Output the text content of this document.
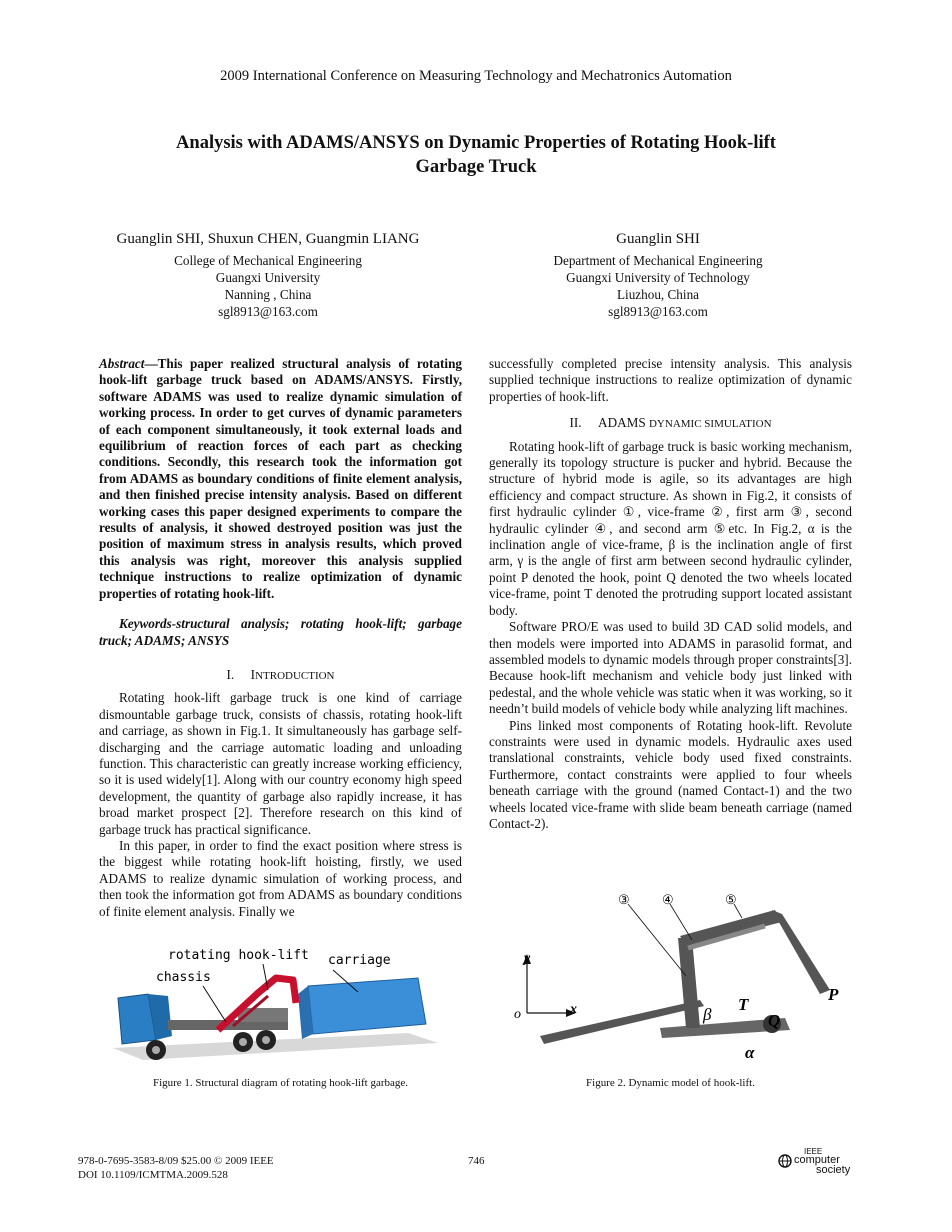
2009 International Conference on Measuring Technology and Mechatronics Automation
Analysis with ADAMS/ANSYS on Dynamic Properties of Rotating Hook-lift
Garbage Truck
Guanglin SHI, Shuxun CHEN, Guangmin LIANG
College of Mechanical Engineering
Guangxi University
Nanning , China
sgl8913@163.com
Guanglin SHI
Department of Mechanical Engineering
Guangxi University of Technology
Liuzhou, China
sgl8913@163.com

Abstract—This paper realized structural analysis of rotating hook-lift garbage truck based on ADAMS/ANSYS. Firstly, software ADAMS was used to realize dynamic simulation of working process. In order to get curves of dynamic parameters of each component simultaneously, it took external loads and equilibrium of reaction forces of each part as checking conditions. Secondly, this research took the information got from ADAMS as boundary conditions of finite element analysis, and then finished precise intensity analysis. Based on different working cases this paper designed experiments to compare the results of analysis, it showed destroyed position was just the position of maximum stress in analysis results, which proved this analysis was right, moreover this analysis supplied technique instructions to realize optimization of dynamic properties of rotating hook-lift.

Keywords-structural analysis; rotating hook-lift; garbage truck; ADAMS; ANSYS

I. INTRODUCTION

Rotating hook-lift garbage truck is one kind of carriage dismountable garbage truck, consists of chassis, rotating hook-lift and carriage, as shown in Fig.1. It simultaneously has garbage self-discharging and the carriage automatic loading and unloading function. This characteristic can greatly increase working efficiency, so it is used widely[1]. Along with our country economy high speed development, the quantity of garbage also rapidly increase, it has broad market prospect [2]. Therefore research on this kind of garbage truck has practical significance.

In this paper, in order to find the exact position where stress is the biggest while rotating hook-lift hoisting, firstly, we used ADAMS to realize dynamic simulation of working process, and then took the information got from ADAMS as boundary conditions of finite element analysis. Finally we

successfully completed precise intensity analysis. This analysis supplied technique instructions to realize optimization of dynamic properties of hook-lift.

II. ADAMS DYNAMIC SIMULATION

Rotating hook-lift of garbage truck is basic working mechanism, generally its topology structure is pucker and hybrid. Because the structure of hybrid mode is agile, so its advantages are high efficiency and compact structure. As shown in Fig.2, it consists of first hydraulic cylinder ①, vice-frame ②, first arm ③, second hydraulic cylinder ④, and second arm ⑤etc. In Fig.2, α is the inclination angle of vice-frame, β is the inclination angle of first arm, γ is the angle of first arm between second hydraulic cylinder, point P denoted the hook, point Q denoted the two wheels located vice-frame, point T denoted the protruding support located assistant body.

Software PRO/E was used to build 3D CAD solid models, and then models were imported into ADAMS in parasolid format, and assembled models to dynamic models through proper constraints[3]. Because hook-lift mechanism and vehicle body just linked with pedestal, and the whole vehicle was static when it was working, so it needn’t build models of vehicle body while analyzing lift machines.

Pins linked most components of Rotating hook-lift. Revolute constraints were used in dynamic models. Hydraulic axes used translational constraints, vehicle body used fixed constraints. Furthermore, contact constraints were applied to four wheels beneath carriage with the ground (named Contact-1) and the two wheels located vice-frame with slide beam beneath carriage (named Contact-2).

rotating hook-lift
chassis
carriage
Figure 1. Structural diagram of rotating hook-lift garbage.
y
x
o
③ ④	⑤
γ
β
T
Q
P
α
Figure 2. Dynamic model of hook-lift.
978-0-7695-3583-8/09 $25.00 © 2009 IEEE
DOI 10.1109/ICMTMA.2009.528
746
IEEE
computer
society
